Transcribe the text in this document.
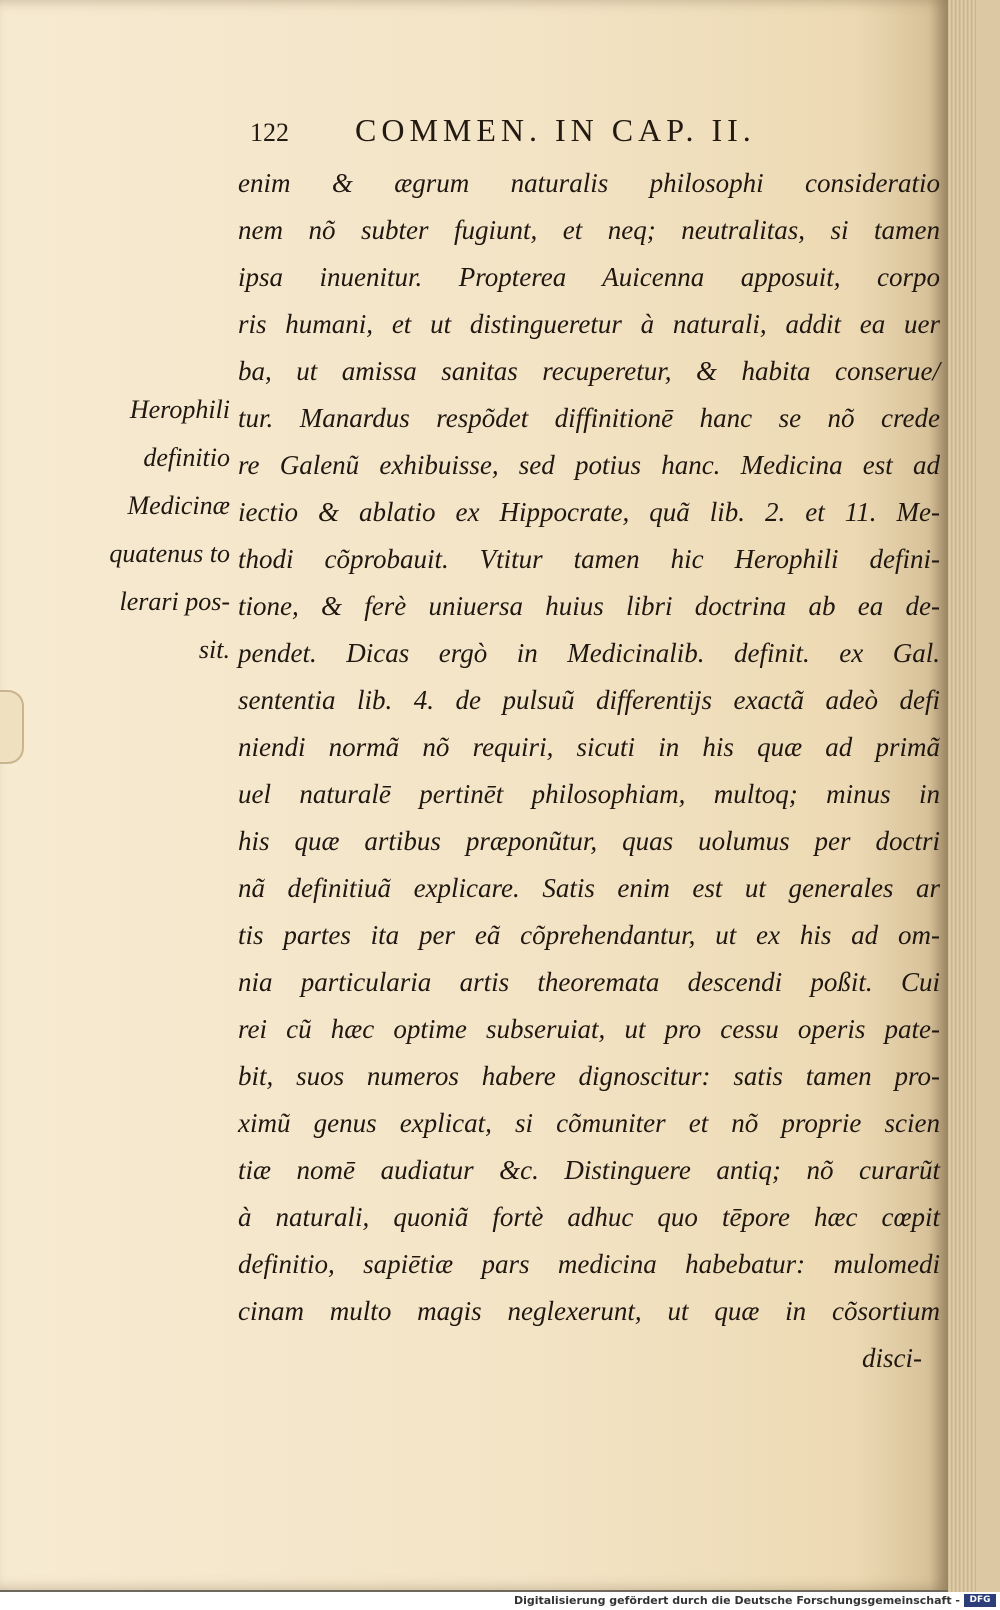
122 COMMEN. IN CAP. II.
Herophili
definitio
Medicinæ
quatenus to
lerari pos-
sit.
enim & ægrum naturalis philosophi consideratio
nem nõ subter fugiunt, et neq; neutralitas, si tamen
ipsa inuenitur. Propterea Auicenna apposuit, corpo
ris humani, et ut distingueretur à naturali, addit ea uer
ba, ut amissa sanitas recuperetur, & habita conserue/
tur. Manardus respõdet diffinitionē hanc se nõ crede
re Galenũ exhibuisse, sed potius hanc. Medicina est ad
iectio & ablatio ex Hippocrate, quã lib. 2. et 11. Me-
thodi cõprobauit. Vtitur tamen hic Herophili defini-
tione, & ferè uniuersa huius libri doctrina ab ea de-
pendet. Dicas ergò in Medicinalib. definit. ex Gal.
sententia lib. 4. de pulsuũ differentijs exactã adeò defi
niendi normã nõ requiri, sicuti in his quæ ad primã
uel naturalē pertinēt philosophiam, multoq; minus in
his quæ artibus præponũtur, quas uolumus per doctri
nã definitiuã explicare. Satis enim est ut generales ar
tis partes ita per eã cõprehendantur, ut ex his ad om-
nia particularia artis theoremata descendi poßit. Cui
rei cũ hæc optime subseruiat, ut pro cessu operis pate-
bit, suos numeros habere dignoscitur: satis tamen pro-
ximũ genus explicat, si cõmuniter et nõ proprie scien
tiæ nomē audiatur &c. Distinguere antiq; nõ curarũt
à naturali, quoniã fortè adhuc quo tēpore hæc cœpit
definitio, sapiētiæ pars medicina habebatur: mulomedi
cinam multo magis neglexerunt, ut quæ in cõsortium
disci-
Digitalisierung gefördert durch die Deutsche Forschungsgemeinschaft -	DFG
